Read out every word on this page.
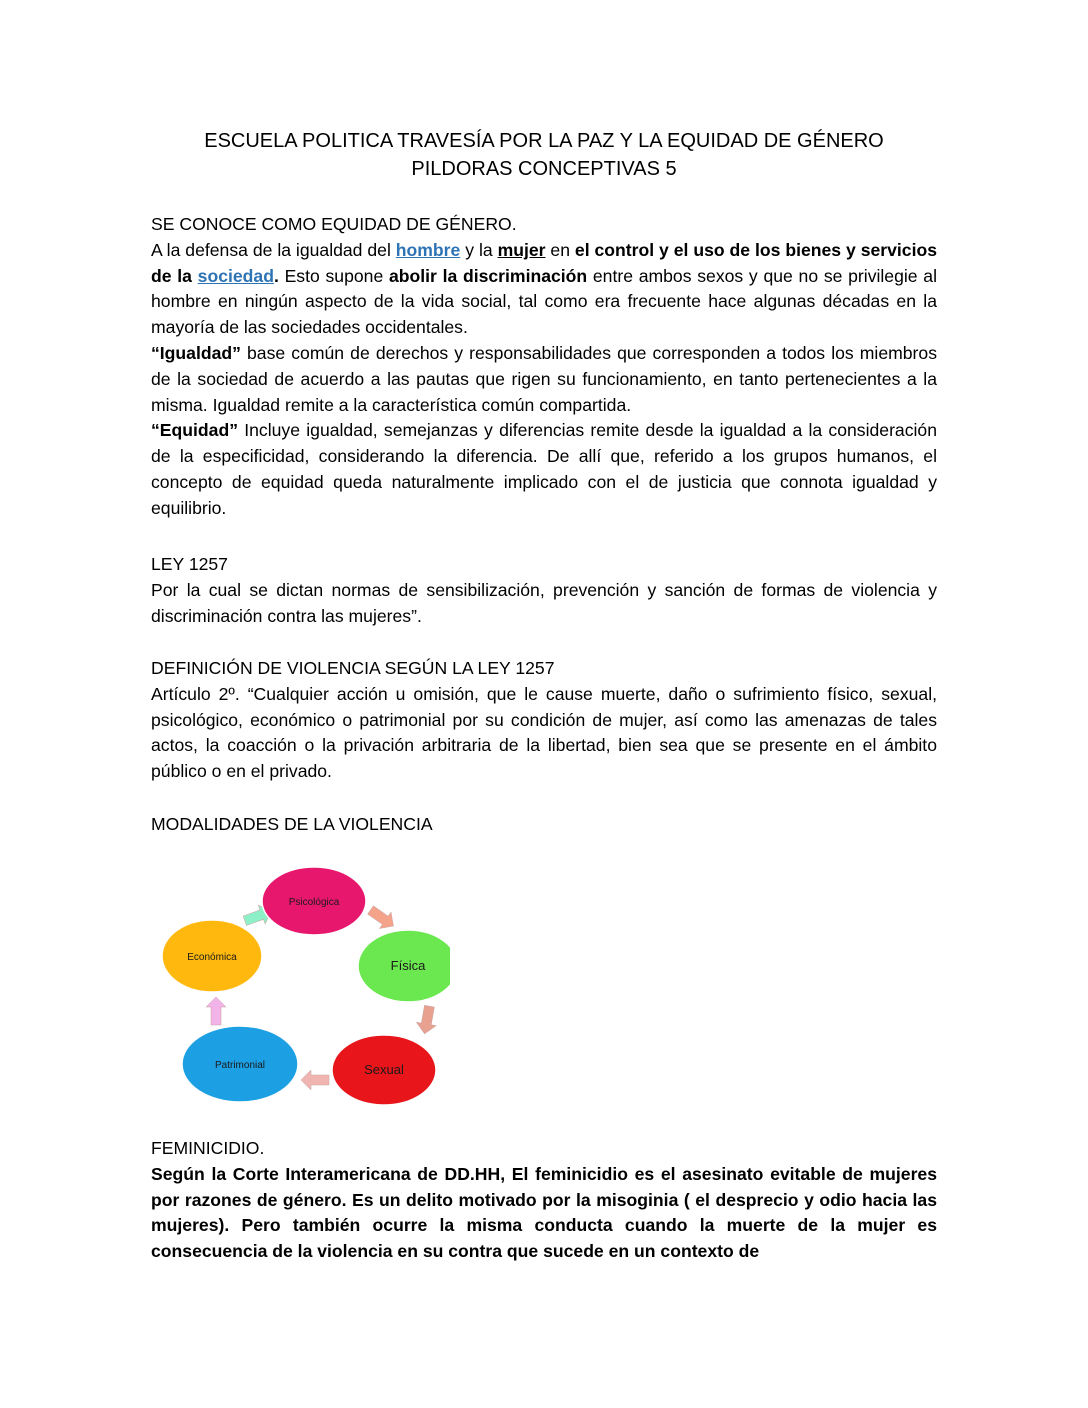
ESCUELA POLITICA TRAVESÍA POR LA PAZ Y LA EQUIDAD DE GÉNERO
PILDORAS CONCEPTIVAS 5

SE CONOCE COMO EQUIDAD DE GÉNERO.

A la defensa de la igualdad del hombre y la mujer en el control y el uso de los bienes y servicios de la sociedad. Esto supone abolir la discriminación entre ambos sexos y que no se privilegie al hombre en ningún aspecto de la vida social, tal como era frecuente hace algunas décadas en la mayoría de las sociedades occidentales.

“Igualdad” base común de derechos y responsabilidades que corresponden a todos los miembros de la sociedad de acuerdo a las pautas que rigen su funcionamiento, en tanto pertenecientes a la misma. Igualdad remite a la característica común compartida.

“Equidad” Incluye igualdad, semejanzas y diferencias remite desde la igualdad a la consideración de la especificidad, considerando la diferencia. De allí que, referido a los grupos humanos, el concepto de equidad queda naturalmente implicado con el de justicia que connota igualdad y equilibrio.

LEY 1257

Por la cual se dictan normas de sensibilización, prevención y sanción de formas de violencia y discriminación contra las mujeres”.

DEFINICIÓN DE VIOLENCIA SEGÚN LA LEY 1257

Artículo 2º. “Cualquier acción u omisión, que le cause muerte, daño o sufrimiento físico, sexual, psicológico, económico o patrimonial por su condición de mujer, así como las amenazas de tales actos, la coacción o la privación arbitraria de la libertad, bien sea que se presente en el ámbito público o en el privado.

MODALIDADES DE LA VIOLENCIA

Psicológica
Física
Sexual
Patrimonial
Económica

FEMINICIDIO.

Según la Corte Interamericana de DD.HH, El feminicidio es el asesinato evitable de mujeres por razones de género. Es un delito motivado por la misoginia ( el desprecio y odio hacia las mujeres). Pero también ocurre la misma conducta cuando la muerte de la mujer es consecuencia de la violencia en su contra que sucede en un contexto de
